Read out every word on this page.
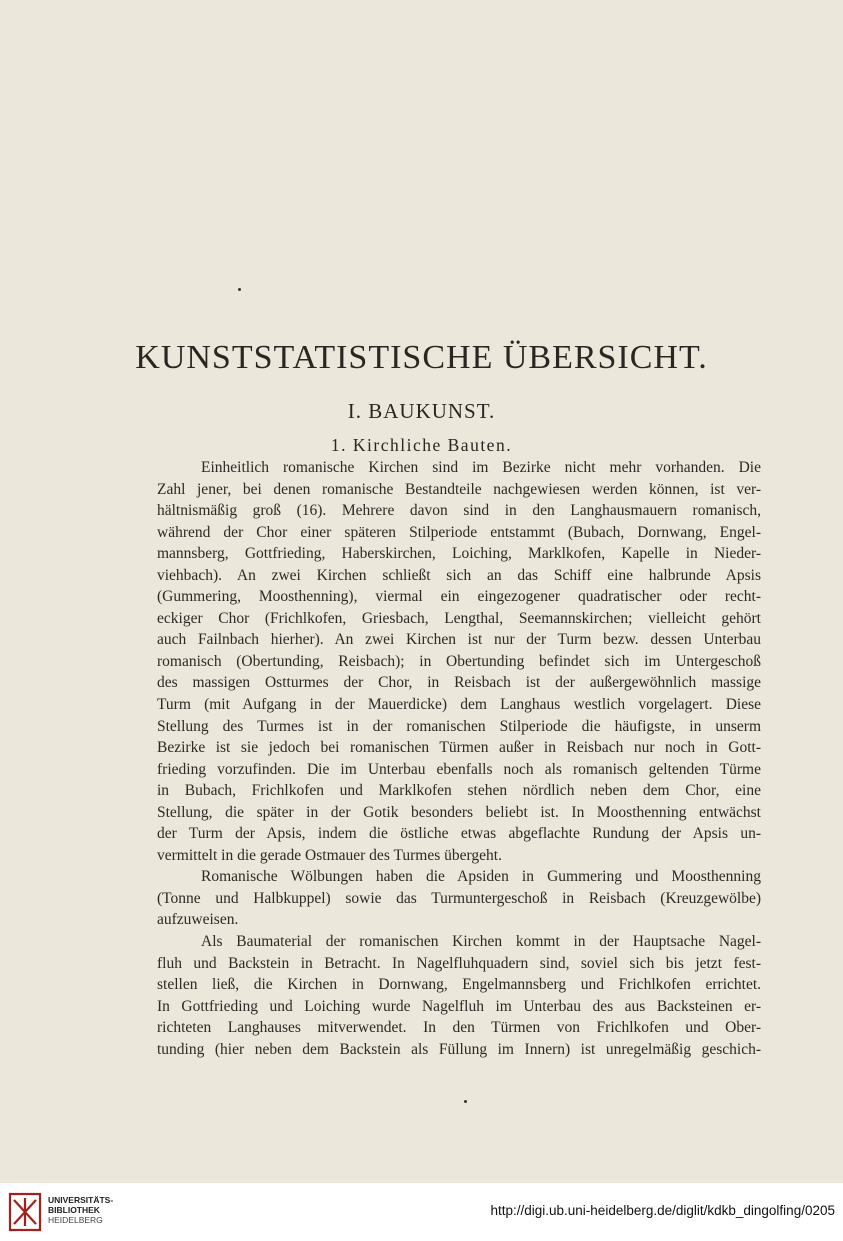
KUNSTSTATISTISCHE ÜBERSICHT.
I. BAUKUNST.
1. Kirchliche Bauten.
Einheitlich romanische Kirchen sind im Bezirke nicht mehr vorhanden. Die
Zahl jener, bei denen romanische Bestandteile nachgewiesen werden können, ist ver-
hältnismäßig groß (16). Mehrere davon sind in den Langhausmauern romanisch,
während der Chor einer späteren Stilperiode entstammt (Bubach, Dornwang, Engel-
mannsberg, Gottfrieding, Haberskirchen, Loiching, Marklkofen, Kapelle in Nieder-
viehbach). An zwei Kirchen schließt sich an das Schiff eine halbrunde Apsis
(Gummering, Moosthenning), viermal ein eingezogener quadratischer oder recht-
eckiger Chor (Frichlkofen, Griesbach, Lengthal, Seemannskirchen; vielleicht gehört
auch Failnbach hierher). An zwei Kirchen ist nur der Turm bezw. dessen Unterbau
romanisch (Obertunding, Reisbach); in Obertunding befindet sich im Untergeschoß
des massigen Ostturmes der Chor, in Reisbach ist der außergewöhnlich massige
Turm (mit Aufgang in der Mauerdicke) dem Langhaus westlich vorgelagert. Diese
Stellung des Turmes ist in der romanischen Stilperiode die häufigste, in unserm
Bezirke ist sie jedoch bei romanischen Türmen außer in Reisbach nur noch in Gott-
frieding vorzufinden. Die im Unterbau ebenfalls noch als romanisch geltenden Türme
in Bubach, Frichlkofen und Marklkofen stehen nördlich neben dem Chor, eine
Stellung, die später in der Gotik besonders beliebt ist. In Moosthenning entwächst
der Turm der Apsis, indem die östliche etwas abgeflachte Rundung der Apsis un-
vermittelt in die gerade Ostmauer des Turmes übergeht.
Romanische Wölbungen haben die Apsiden in Gummering und Moosthenning
(Tonne und Halbkuppel) sowie das Turmuntergeschoß in Reisbach (Kreuzgewölbe)
aufzuweisen.
Als Baumaterial der romanischen Kirchen kommt in der Hauptsache Nagel-
fluh und Backstein in Betracht. In Nagelfluhquadern sind, soviel sich bis jetzt fest-
stellen ließ, die Kirchen in Dornwang, Engelmannsberg und Frichlkofen errichtet.
In Gottfrieding und Loiching wurde Nagelfluh im Unterbau des aus Backsteinen er-
richteten Langhauses mitverwendet. In den Türmen von Frichlkofen und Ober-
tunding (hier neben dem Backstein als Füllung im Innern) ist unregelmäßig geschich-
UNIVERSITÄTS-
BIBLIOTHEK
HEIDELBERG
http://digi.ub.uni-heidelberg.de/diglit/kdkb_dingolfing/0205
